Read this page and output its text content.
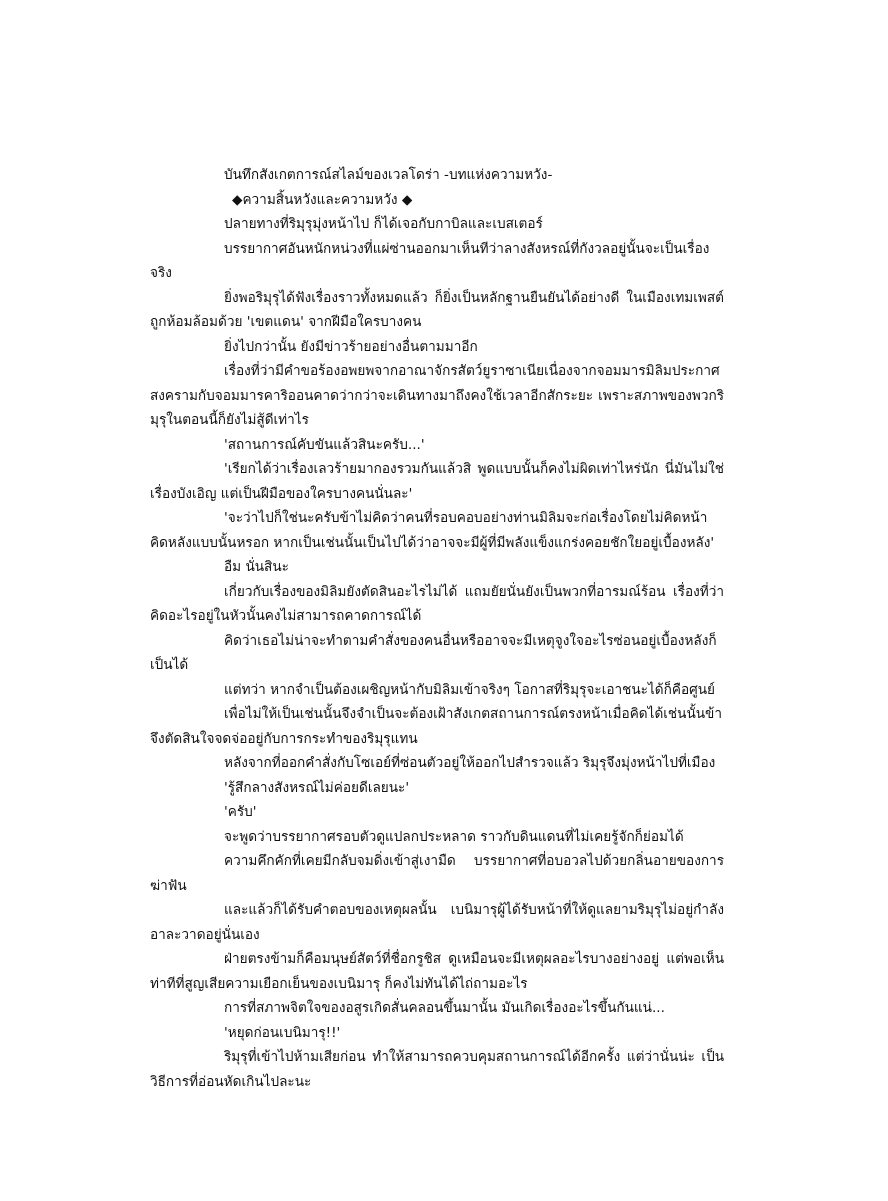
บันทึกสังเกตการณ์สไลม์ของเวลโดร่า -บทแห่งความหวัง-

◆ความสิ้นหวังและความหวัง ◆

ปลายทางที่ริมุรุมุ่งหน้าไป ก็ได้เจอกับกาบิลและเบสเตอร์

บรรยากาศอันหนักหน่วงที่แผ่ซ่านออกมาเห็นทีว่าลางสังหรณ์ที่กังวลอยู่นั้นจะเป็นเรื่องจริง

ยิ่งพอริมุรุได้ฟังเรื่องราวทั้งหมดแล้ว ก็ยิ่งเป็นหลักฐานยืนยันได้อย่างดี ในเมืองเทมเพสต์ถูกห้อมล้อมด้วย 'เขตแดน' จากฝีมือใครบางคน

ยิ่งไปกว่านั้น ยังมีข่าวร้ายอย่างอื่นตามมาอีก

เรื่องที่ว่ามีคำขอร้องอพยพจากอาณาจักรสัตว์ยูราซาเนียเนื่องจากจอมมารมิลิมประกาศสงครามกับจอมมารคาริออนคาดว่ากว่าจะเดินทางมาถึงคงใช้เวลาอีกสักระยะ เพราะสภาพของพวกริมุรุในตอนนี้ก็ยังไม่สู้ดีเท่าไร

'สถานการณ์คับขันแล้วสินะครับ...'

'เรียกได้ว่าเรื่องเลวร้ายมากองรวมกันแล้วสิ พูดแบบนั้นก็คงไม่ผิดเท่าไหร่นัก นี่มันไม่ใช่เรื่องบังเอิญ แต่เป็นฝีมือของใครบางคนนั่นละ'

'จะว่าไปก็ใช่นะครับข้าไม่คิดว่าคนที่รอบคอบอย่างท่านมิลิมจะก่อเรื่องโดยไม่คิดหน้าคิดหลังแบบนั้นหรอก หากเป็นเช่นนั้นเป็นไปได้ว่าอาจจะมีผู้ที่มีพลังแข็งแกร่งคอยชักใยอยู่เบื้องหลัง'

อืม นั่นสินะ

เกี่ยวกับเรื่องของมิลิมยังตัดสินอะไรไม่ได้ แถมยัยนั่นยังเป็นพวกที่อารมณ์ร้อน เรื่องที่ว่าคิดอะไรอยู่ในหัวนั้นคงไม่สามารถคาดการณ์ได้

คิดว่าเธอไม่น่าจะทำตามคำสั่งของคนอื่นหรืออาจจะมีเหตุจูงใจอะไรซ่อนอยู่เบื้องหลังก็เป็นได้

แต่ทว่า หากจำเป็นต้องเผชิญหน้ากับมิลิมเข้าจริงๆ โอกาสที่ริมุรุจะเอาชนะได้ก็คือศูนย์

เพื่อไม่ให้เป็นเช่นนั้นจึงจำเป็นจะต้องเฝ้าสังเกตสถานการณ์ตรงหน้าเมื่อคิดได้เช่นนั้นข้าจึงตัดสินใจจดจ่ออยู่กับการกระทำของริมุรุแทน

หลังจากที่ออกคำสั่งกับโซเอย์ที่ซ่อนตัวอยู่ให้ออกไปสำรวจแล้ว ริมุรุจึงมุ่งหน้าไปที่เมือง

'รู้สึกลางสังหรณ์ไม่ค่อยดีเลยนะ'

'ครับ'

จะพูดว่าบรรยากาศรอบตัวดูแปลกประหลาด ราวกับดินแดนที่ไม่เคยรู้จักก็ย่อมได้

ความคึกคักที่เคยมีกลับจมดิ่งเข้าสู่เงามืด บรรยากาศที่อบอวลไปด้วยกลิ่นอายของการฆ่าฟัน

และแล้วก็ได้รับคำตอบของเหตุผลนั้น เบนิมารุผู้ได้รับหน้าที่ให้ดูแลยามริมุรุไม่อยู่กำลังอาละวาดอยู่นั่นเอง

ฝ่ายตรงข้ามก็คือมนุษย์สัตว์ที่ชื่อกรูชิส ดูเหมือนจะมีเหตุผลอะไรบางอย่างอยู่ แต่พอเห็นท่าทีที่สูญเสียความเยือกเย็นของเบนิมารุ ก็คงไม่ทันได้ไถ่ถามอะไร

การที่สภาพจิตใจของอสูรเกิดสั่นคลอนขึ้นมานั้น มันเกิดเรื่องอะไรขึ้นกันแน่...

'หยุดก่อนเบนิมารุ!!'

ริมุรุที่เข้าไปห้ามเสียก่อน ทำให้สามารถควบคุมสถานการณ์ได้อีกครั้ง แต่ว่านั่นน่ะ เป็นวิธีการที่อ่อนหัดเกินไปละนะ
